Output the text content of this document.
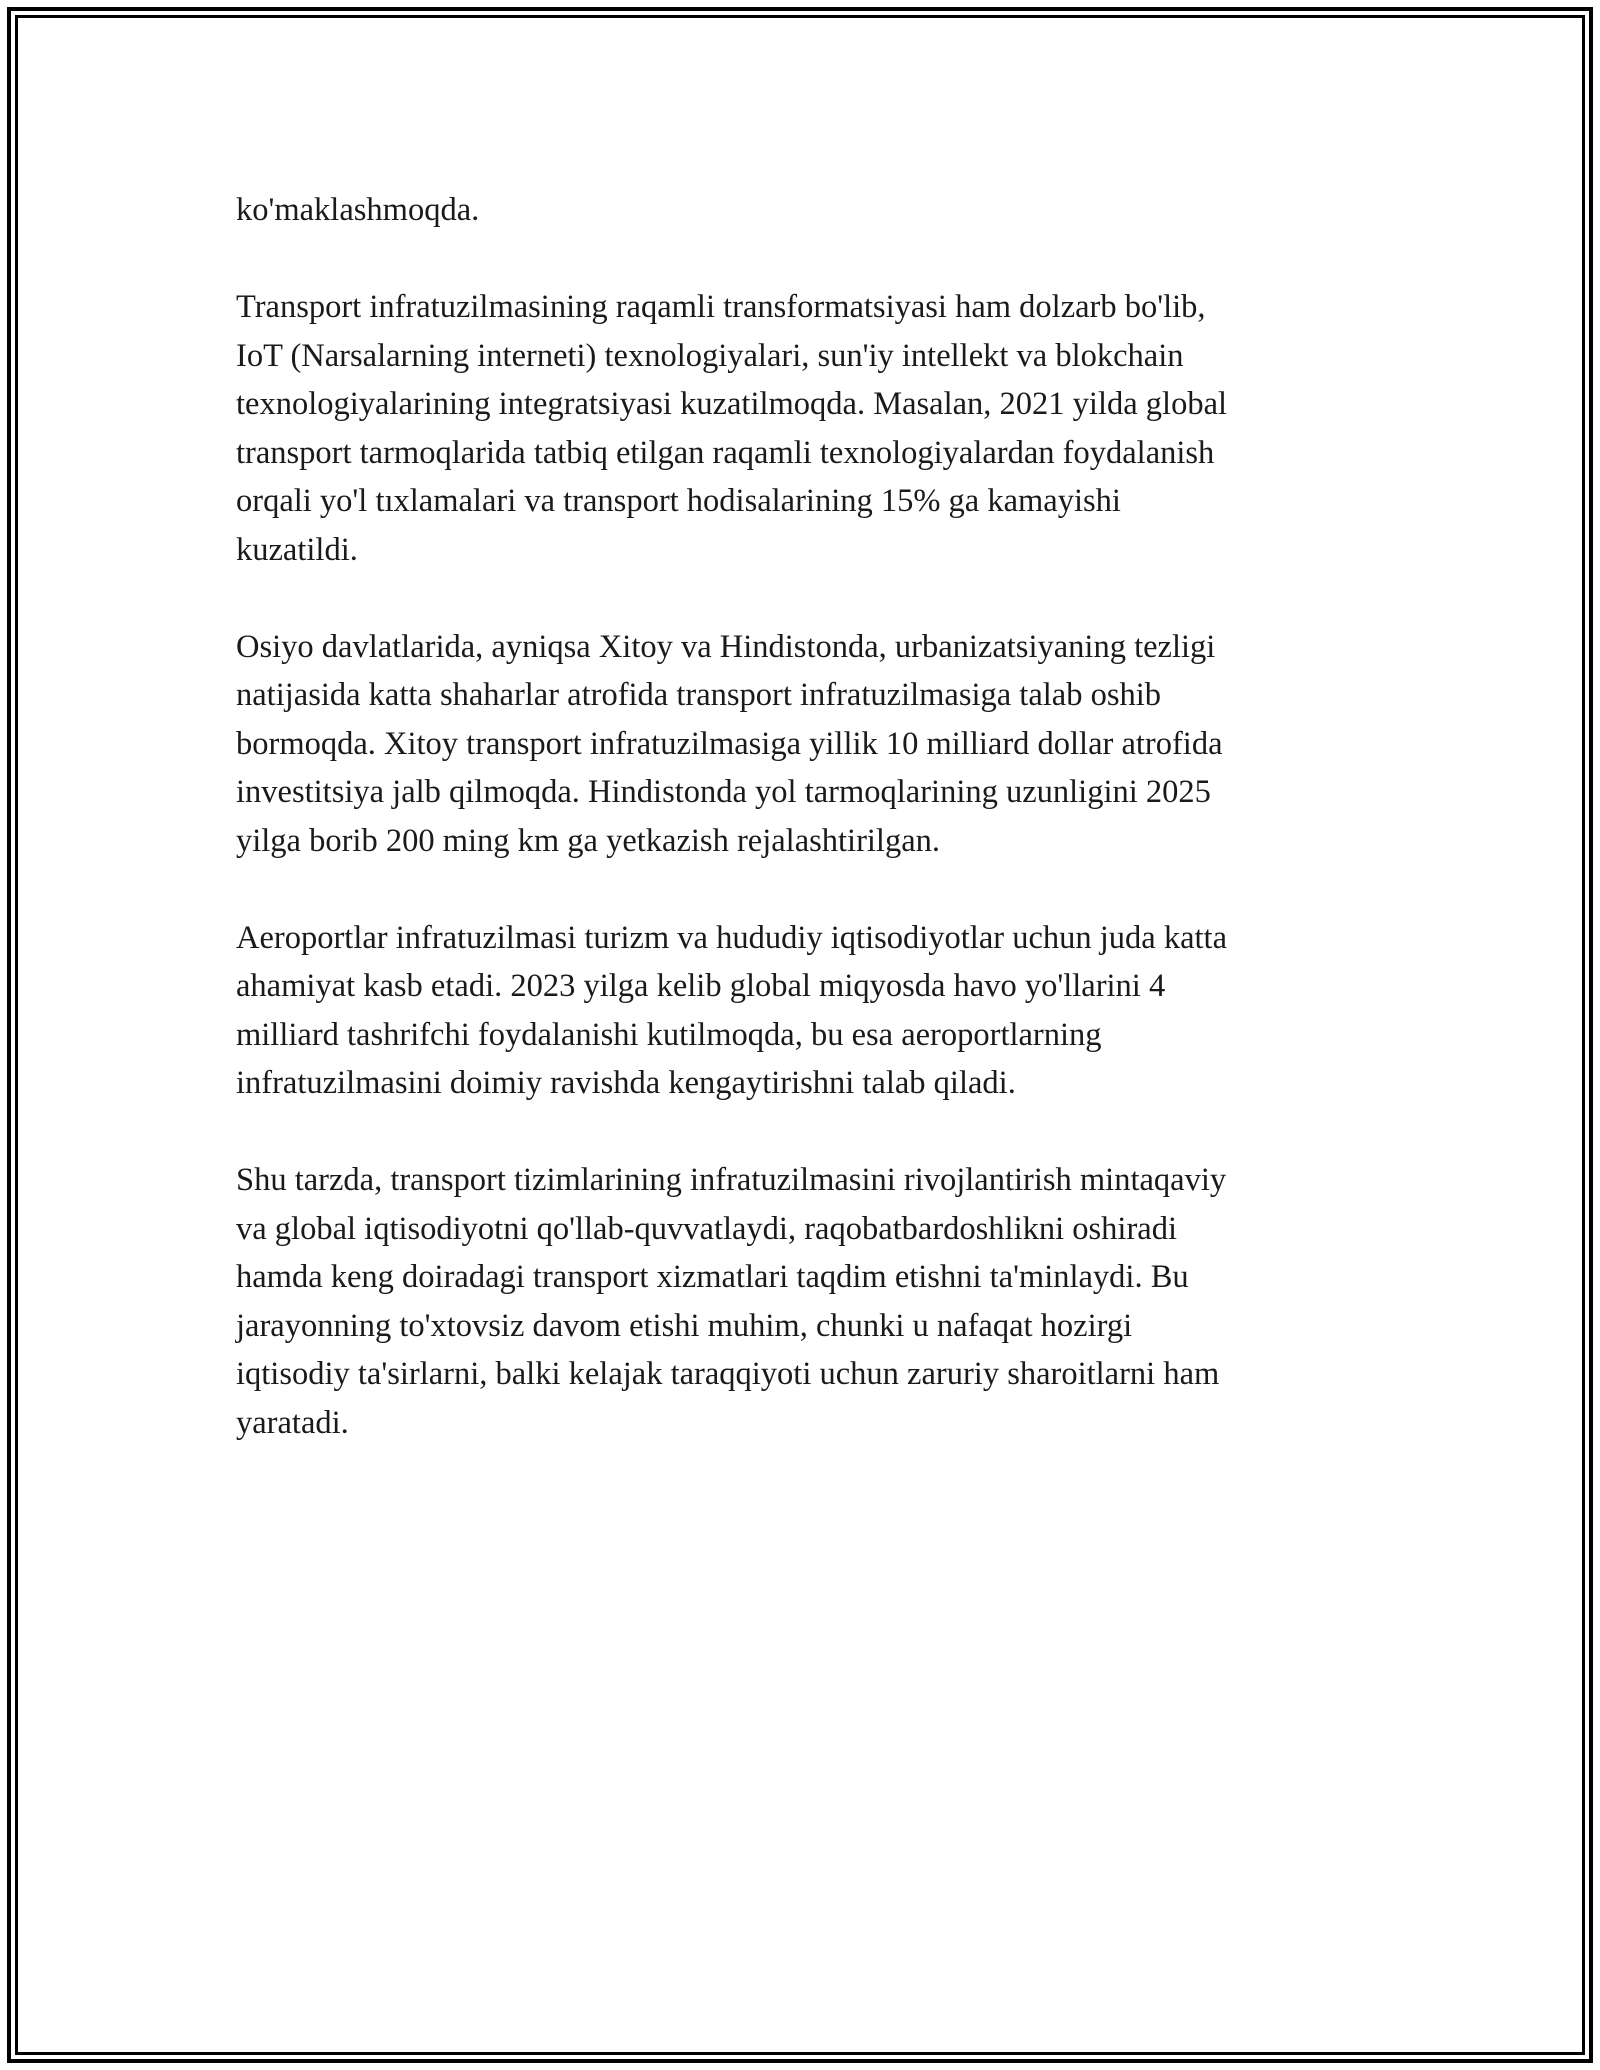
ko'maklashmoqda.

Transport infratuzilmasining raqamli transformatsiyasi ham dolzarb bo'lib,
IoT (Narsalarning interneti) texnologiyalari, sun'iy intellekt va blokchain
texnologiyalarining integratsiyasi kuzatilmoqda. Masalan, 2021 yilda global
transport tarmoqlarida tatbiq etilgan raqamli texnologiyalardan foydalanish
orqali yo'l tıxlamalari va transport hodisalarining 15% ga kamayishi
kuzatildi.

Osiyo davlatlarida, ayniqsa Xitoy va Hindistonda, urbanizatsiyaning tezligi
natijasida katta shaharlar atrofida transport infratuzilmasiga talab oshib
bormoqda. Xitoy transport infratuzilmasiga yillik 10 milliard dollar atrofida
investitsiya jalb qilmoqda. Hindistonda yol tarmoqlarining uzunligini 2025
yilga borib 200 ming km ga yetkazish rejalashtirilgan.

Aeroportlar infratuzilmasi turizm va hududiy iqtisodiyotlar uchun juda katta
ahamiyat kasb etadi. 2023 yilga kelib global miqyosda havo yo'llarini 4
milliard tashrifchi foydalanishi kutilmoqda, bu esa aeroportlarning
infratuzilmasini doimiy ravishda kengaytirishni talab qiladi.

Shu tarzda, transport tizimlarining infratuzilmasini rivojlantirish mintaqaviy
va global iqtisodiyotni qo'llab-quvvatlaydi, raqobatbardoshlikni oshiradi
hamda keng doiradagi transport xizmatlari taqdim etishni ta'minlaydi. Bu
jarayonning to'xtovsiz davom etishi muhim, chunki u nafaqat hozirgi
iqtisodiy ta'sirlarni, balki kelajak taraqqiyoti uchun zaruriy sharoitlarni ham
yaratadi.
